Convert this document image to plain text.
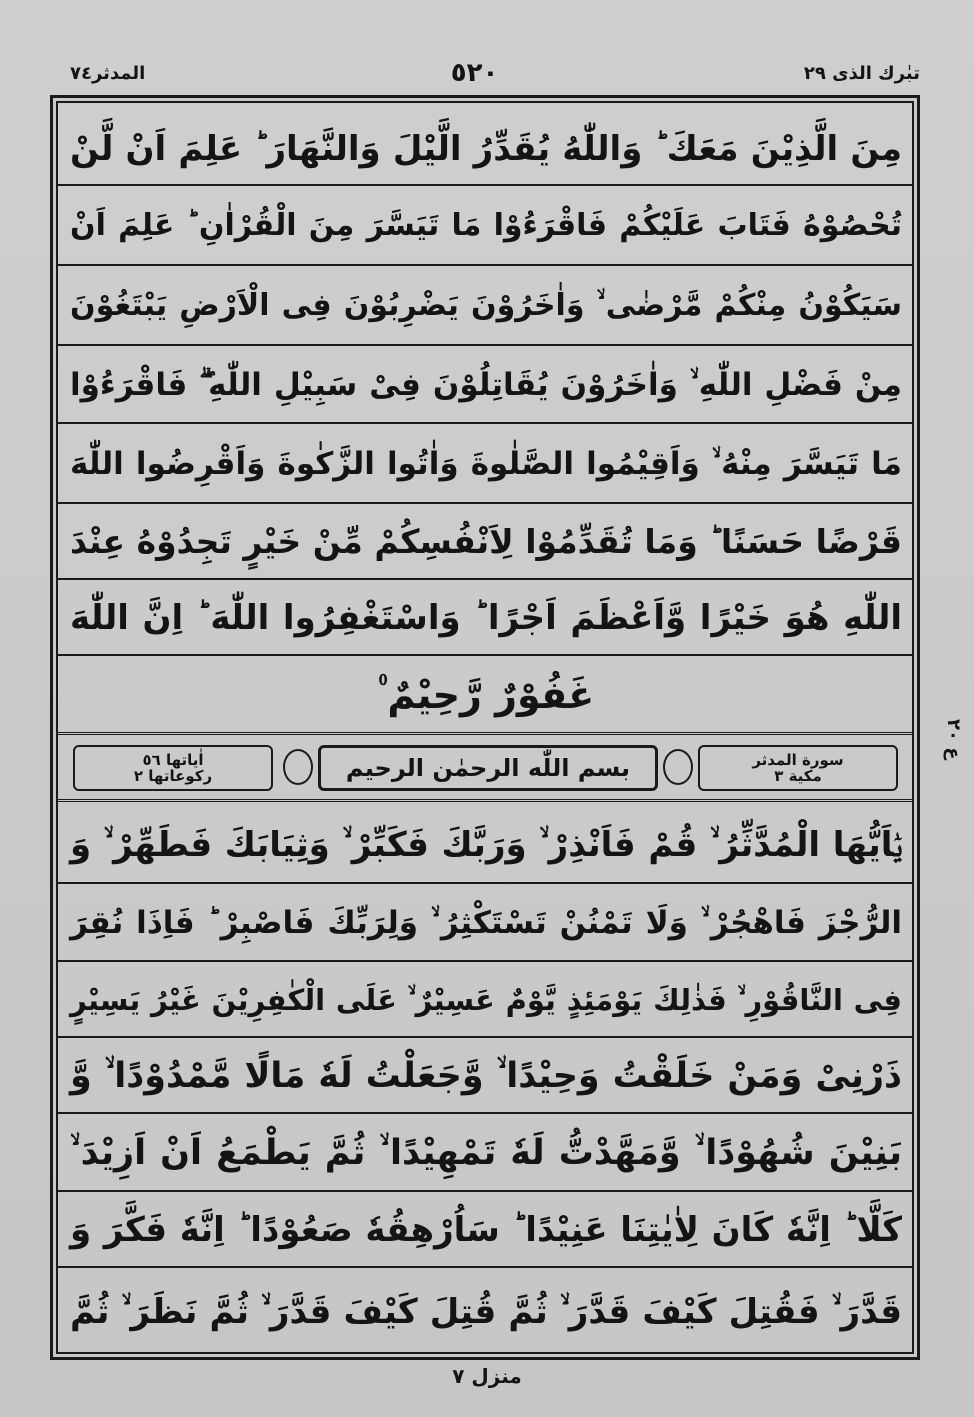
المدثر٧٤	٥٢٠	تبٰرك الذی ٢٩
مِنَ الَّذِيْنَ مَعَكَ ؕ وَاللّٰهُ يُقَدِّرُ الَّيْلَ وَالنَّهَارَ ؕ عَلِمَ اَنْ لَّنْ
تُحْصُوْهُ فَتَابَ عَلَيْكُمْ فَاقْرَءُوْا مَا تَيَسَّرَ مِنَ الْقُرْاٰنِ ؕ عَلِمَ اَنْ
سَيَكُوْنُ مِنْكُمْ مَّرْضٰى ۙ وَاٰخَرُوْنَ يَضْرِبُوْنَ فِى الْاَرْضِ يَبْتَغُوْنَ
مِنْ فَضْلِ اللّٰهِ ۙ وَاٰخَرُوْنَ يُقَاتِلُوْنَ فِىْ سَبِيْلِ اللّٰهِ ۖۗ فَاقْرَءُوْا
مَا تَيَسَّرَ مِنْهُ ۙ وَاَقِيْمُوا الصَّلٰوةَ وَاٰتُوا الزَّكٰوةَ وَاَقْرِضُوا اللّٰهَ
قَرْضًا حَسَنًا ؕ وَمَا تُقَدِّمُوْا لِاَنْفُسِكُمْ مِّنْ خَيْرٍ تَجِدُوْهُ عِنْدَ
اللّٰهِ هُوَ خَيْرًا وَّاَعْظَمَ اَجْرًا ؕ وَاسْتَغْفِرُوا اللّٰهَ ؕ اِنَّ اللّٰهَ
غَفُوْرٌ رَّحِيْمٌ ۠
ع ٢٠
اٰياتها ٥٦
ركوعاتها ٢	بسم اللّٰه الرحمٰن الرحيم	سورة المدثر
مكية ٣
يٰۤاَيُّهَا الْمُدَّثِّرُ ۙ قُمْ فَاَنْذِرْ ۙ وَرَبَّكَ فَكَبِّرْ ۙ وَثِيَابَكَ فَطَهِّرْ ۙ وَ
الرُّجْزَ فَاهْجُرْ ۙ وَلَا تَمْنُنْ تَسْتَكْثِرُ ۙ وَلِرَبِّكَ فَاصْبِرْ ؕ فَاِذَا نُقِرَ
فِى النَّاقُوْرِ ۙ فَذٰلِكَ يَوْمَئِذٍ يَّوْمٌ عَسِيْرٌ ۙ عَلَى الْكٰفِرِيْنَ غَيْرُ يَسِيْرٍ
ذَرْنِىْ وَمَنْ خَلَقْتُ وَحِيْدًا ۙ وَّجَعَلْتُ لَهٗ مَالًا مَّمْدُوْدًا ۙ وَّ
بَنِيْنَ شُهُوْدًا ۙ وَّمَهَّدْتُّ لَهٗ تَمْهِيْدًا ۙ ثُمَّ يَطْمَعُ اَنْ اَزِيْدَ ۙ
كَلَّا ؕ اِنَّهٗ كَانَ لِاٰيٰتِنَا عَنِيْدًا ؕ سَاُرْهِقُهٗ صَعُوْدًا ؕ اِنَّهٗ فَكَّرَ وَ
قَدَّرَ ۙ فَقُتِلَ كَيْفَ قَدَّرَ ۙ ثُمَّ قُتِلَ كَيْفَ قَدَّرَ ۙ ثُمَّ نَظَرَ ۙ ثُمَّ
منزل ٧
